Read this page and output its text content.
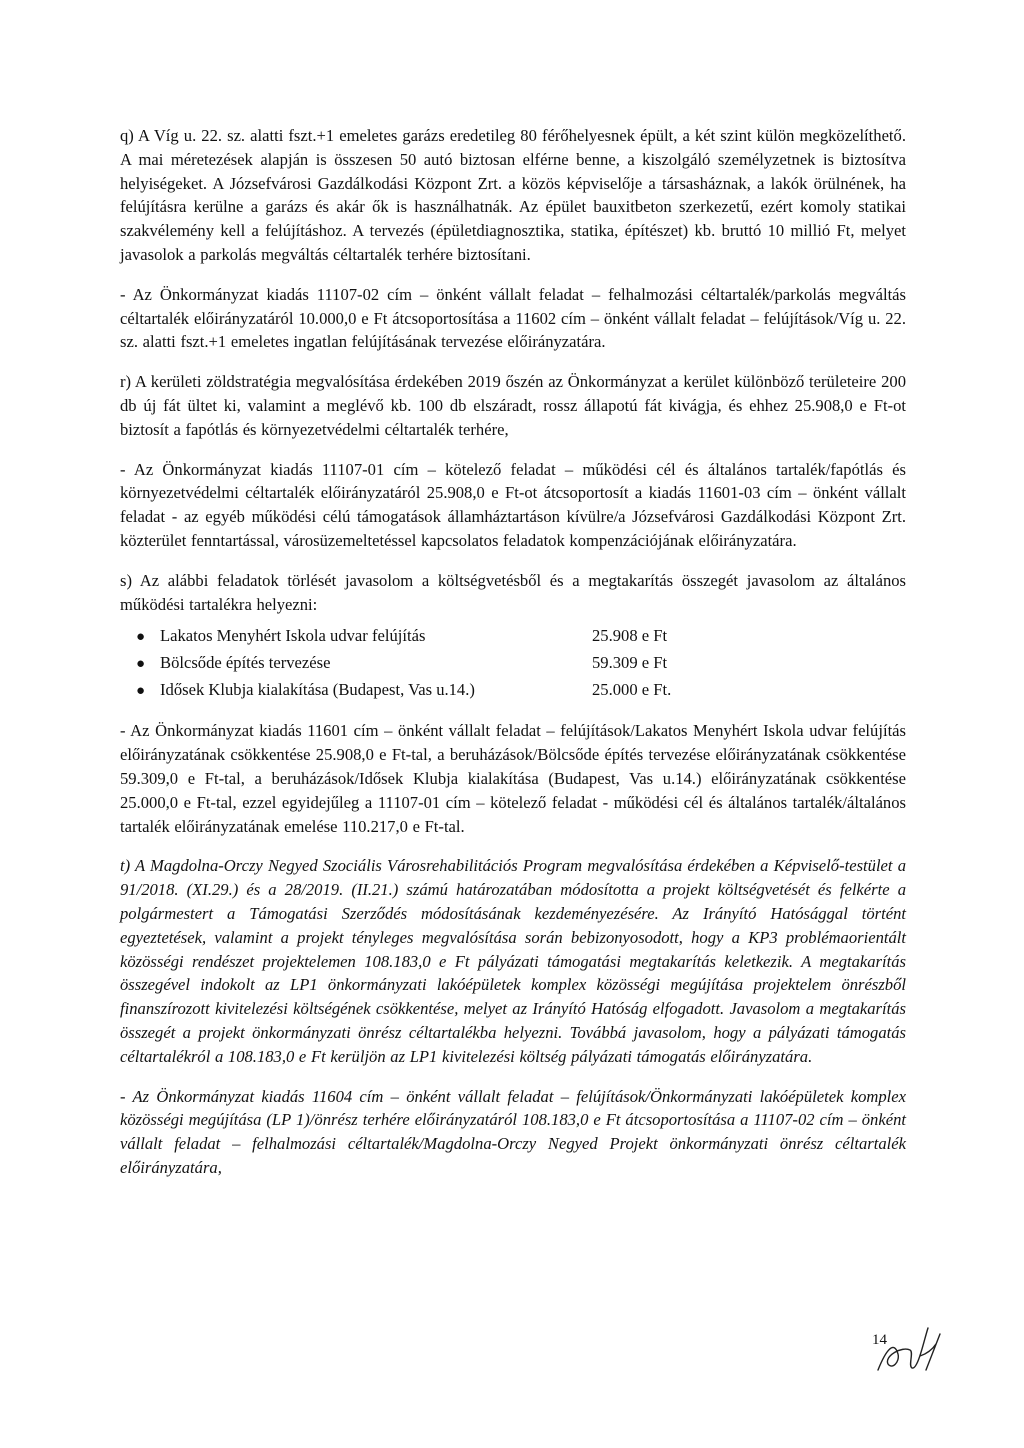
q) A Víg u. 22. sz. alatti fszt.+1 emeletes garázs eredetileg 80 férőhelyesnek épült, a két szint külön megközelíthető. A mai méretezések alapján is összesen 50 autó biztosan elférne benne, a kiszolgáló személyzetnek is biztosítva helyiségeket. A Józsefvárosi Gazdálkodási Központ Zrt. a közös képviselője a társasháznak, a lakók örülnének, ha felújításra kerülne a garázs és akár ők is használhatnák. Az épület bauxitbeton szerkezetű, ezért komoly statikai szakvélemény kell a felújításhoz. A tervezés (épületdiagnosztika, statika, építészet) kb. bruttó 10 millió Ft, melyet javasolok a parkolás megváltás céltartalék terhére biztosítani.

- Az Önkormányzat kiadás 11107-02 cím – önként vállalt feladat – felhalmozási céltartalék/parkolás megváltás céltartalék előirányzatáról 10.000,0 e Ft átcsoportosítása a 11602 cím – önként vállalt feladat – felújítások/Víg u. 22. sz. alatti fszt.+1 emeletes ingatlan felújításának tervezése előirányzatára.

r) A kerületi zöldstratégia megvalósítása érdekében 2019 őszén az Önkormányzat a kerület különböző területeire 200 db új fát ültet ki, valamint a meglévő kb. 100 db elszáradt, rossz állapotú fát kivágja, és ehhez 25.908,0 e Ft-ot biztosít a fapótlás és környezetvédelmi céltartalék terhére,

- Az Önkormányzat kiadás 11107-01 cím – kötelező feladat – működési cél és általános tartalék/fapótlás és környezetvédelmi céltartalék előirányzatáról 25.908,0 e Ft-ot átcsoportosít a kiadás 11601-03 cím – önként vállalt feladat - az egyéb működési célú támogatások államháztartáson kívülre/a Józsefvárosi Gazdálkodási Központ Zrt. közterület fenntartással, városüzemeltetéssel kapcsolatos feladatok kompenzációjának előirányzatára.

s) Az alábbi feladatok törlését javasolom a költségvetésből és a megtakarítás összegét javasolom az általános működési tartalékra helyezni:

● Lakatos Menyhért Iskola udvar felújítás	25.908 e Ft
● Bölcsőde építés tervezése	59.309 e Ft
● Idősek Klubja kialakítása (Budapest, Vas u.14.)	25.000 e Ft.

- Az Önkormányzat kiadás 11601 cím – önként vállalt feladat – felújítások/Lakatos Menyhért Iskola udvar felújítás előirányzatának csökkentése 25.908,0 e Ft-tal, a beruházások/Bölcsőde építés tervezése előirányzatának csökkentése 59.309,0 e Ft-tal, a beruházások/Idősek Klubja kialakítása (Budapest, Vas u.14.) előirányzatának csökkentése 25.000,0 e Ft-tal, ezzel egyidejűleg a 11107-01 cím – kötelező feladat - működési cél és általános tartalék/általános tartalék előirányzatának emelése 110.217,0 e Ft-tal.

t) A Magdolna-Orczy Negyed Szociális Városrehabilitációs Program megvalósítása érdekében a Képviselő-testület a 91/2018. (XI.29.) és a 28/2019. (II.21.) számú határozatában módosította a projekt költségvetését és felkérte a polgármestert a Támogatási Szerződés módosításának kezdeményezésére. Az Irányító Hatósággal történt egyeztetések, valamint a projekt tényleges megvalósítása során bebizonyosodott, hogy a KP3 problémaorientált közösségi rendészet projektelemen 108.183,0 e Ft pályázati támogatási megtakarítás keletkezik. A megtakarítás összegével indokolt az LP1 önkormányzati lakóépületek komplex közösségi megújítása projektelem önrészből finanszírozott kivitelezési költségének csökkentése, melyet az Irányító Hatóság elfogadott. Javasolom a megtakarítás összegét a projekt önkormányzati önrész céltartalékba helyezni. Továbbá javasolom, hogy a pályázati támogatás céltartalékról a 108.183,0 e Ft kerüljön az LP1 kivitelezési költség pályázati támogatás előirányzatára.

- Az Önkormányzat kiadás 11604 cím – önként vállalt feladat – felújítások/Önkormányzati lakóépületek komplex közösségi megújítása (LP 1)/önrész terhére előirányzatáról 108.183,0 e Ft átcsoportosítása a 11107-02 cím – önként vállalt feladat – felhalmozási céltartalék/Magdolna-Orczy Negyed Projekt önkormányzati önrész céltartalék előirányzatára,

14
